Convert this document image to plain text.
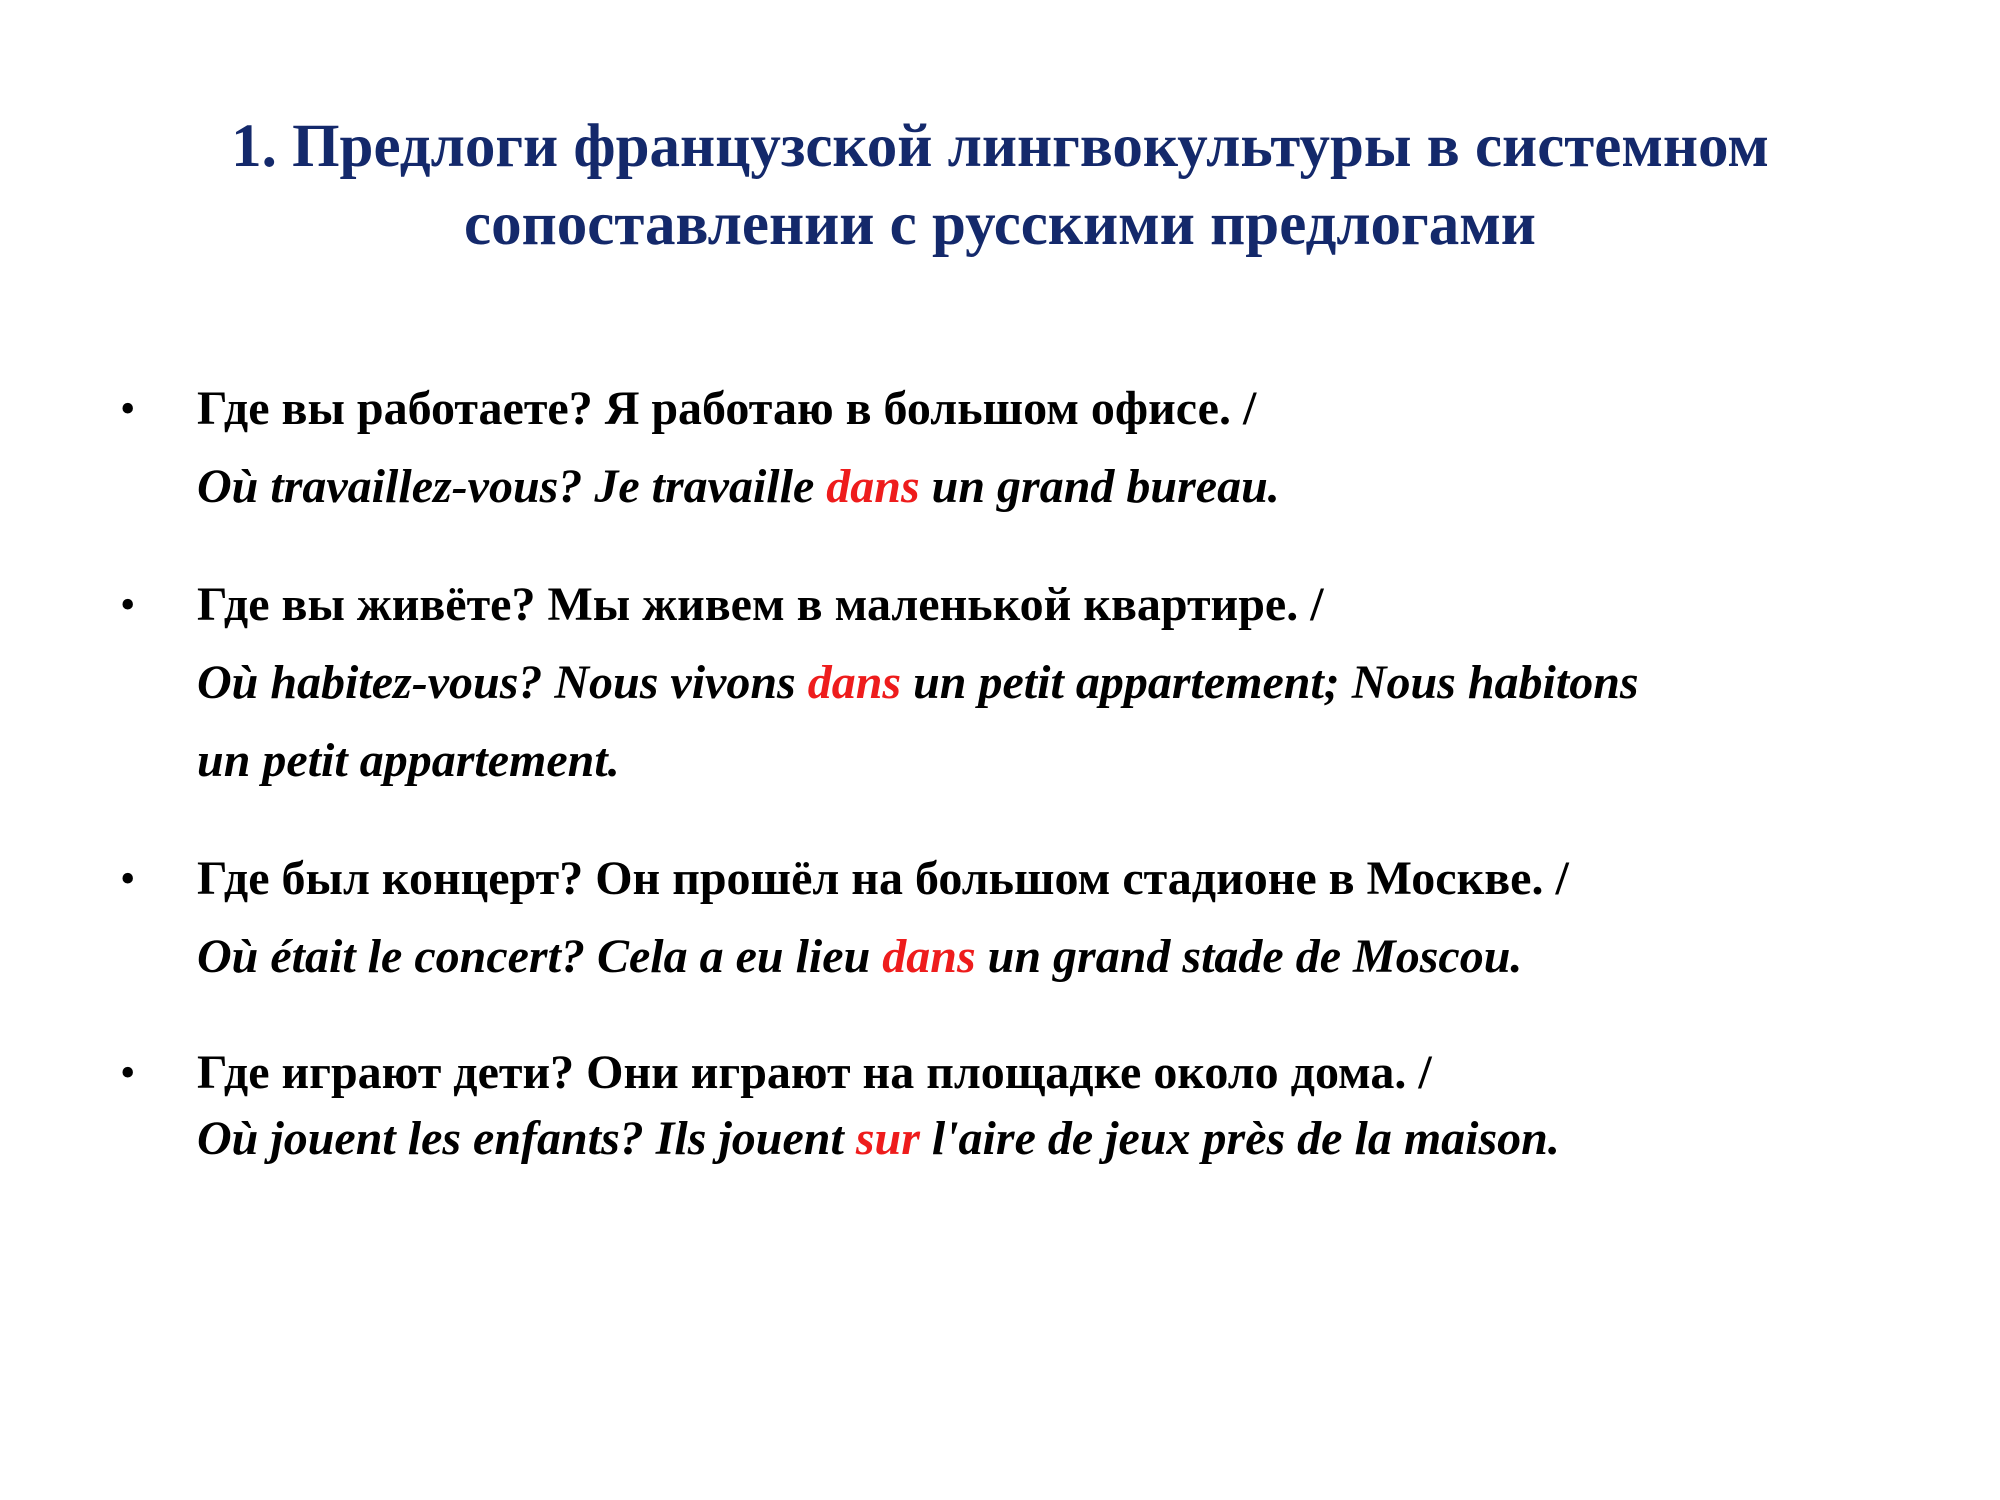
1. Предлоги французской лингвокультуры в системном
сопоставлении с русскими предлогами
• Где вы работаете? Я работаю в большом офисе. /
Où travaillez-vous? Je travaille dans un grand bureau.
• Где вы живёте? Мы живем в маленькой квартире. /
Où habitez-vous? Nous vivons dans un petit appartement; Nous habitons
un petit appartement.
• Где был концерт? Он прошёл на большом стадионе в Москве. /
Où était le concert? Cela a eu lieu dans un grand stade de Moscou.
• Где играют дети? Они играют на площадке около дома. /
Où jouent les enfants? Ils jouent sur l'aire de jeux près de la maison.
